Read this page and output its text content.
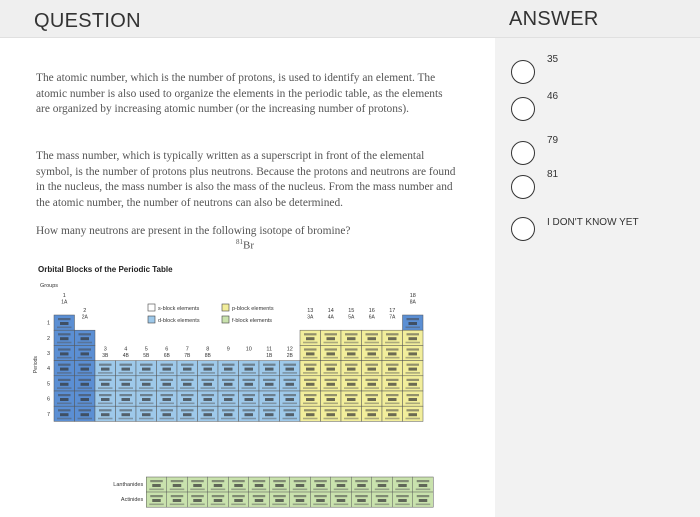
QUESTION

The atomic number, which is the number of protons, is used to identify an element. The atomic number is also used to organize the elements in the periodic table, as the elements are organized by increasing atomic number (or the increasing number of protons).

The mass number, which is typically written as a superscript in front of the elemental symbol, is the number of protons plus neutrons. Because the protons and neutrons are found in the nucleus, the mass number is also the mass of the nucleus. From the mass number and the atomic number, the number of neutrons can also be determined.

How many neutrons are present in the following isotope of bromine?

$^{81}$Br
Orbital Blocks of the Periodic Table
Groups
1
1A
2
2A
3
3B
4
4B
5
5B
6
6B
7
7B
8
8B
9	10	11
1B
12
2B
13
3A
14
4A
15
5A
16
6A
17
7A
18
8A
1
2
3
4
5
6
7
Periods
s-block elements	p-block elements
d-block elements	f-block elements
Lanthanides
Actinides
ANSWER
35
46
79
81
I DON'T KNOW YET
